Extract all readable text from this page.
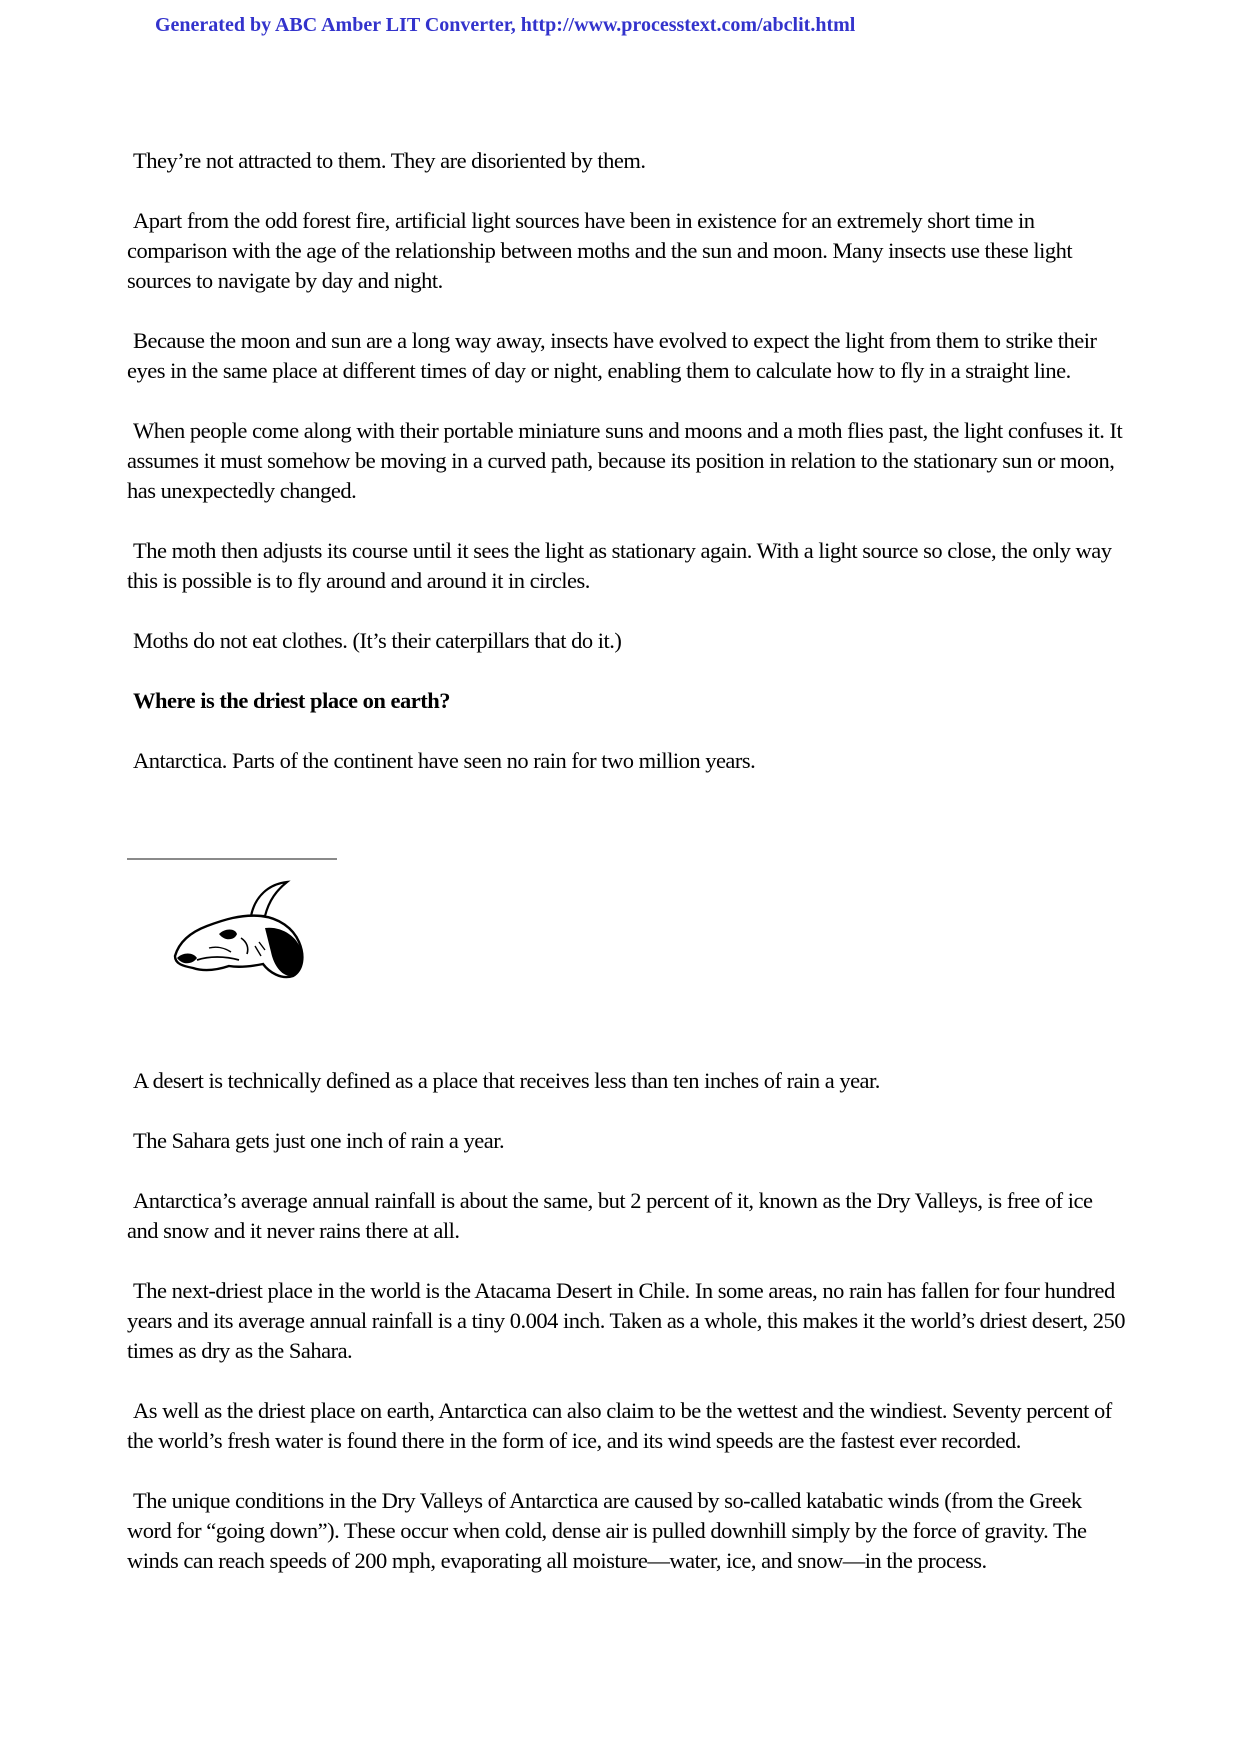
Generated by ABC Amber LIT Converter, http://www.processtext.com/abclit.html

They’re not attracted to them. They are disoriented by them.

Apart from the odd forest fire, artificial light sources have been in existence for an extremely short time in comparison with the age of the relationship between moths and the sun and moon. Many insects use these light sources to navigate by day and night.

Because the moon and sun are a long way away, insects have evolved to expect the light from them to strike their eyes in the same place at different times of day or night, enabling them to calculate how to fly in a straight line.

When people come along with their portable miniature suns and moons and a moth flies past, the light confuses it. It assumes it must somehow be moving in a curved path, because its position in relation to the stationary sun or moon, has unexpectedly changed.

The moth then adjusts its course until it sees the light as stationary again. With a light source so close, the only way this is possible is to fly around and around it in circles.

Moths do not eat clothes. (It’s their caterpillars that do it.)

Where is the driest place on earth?

Antarctica. Parts of the continent have seen no rain for two million years.

A desert is technically defined as a place that receives less than ten inches of rain a year.

The Sahara gets just one inch of rain a year.

Antarctica’s average annual rainfall is about the same, but 2 percent of it, known as the Dry Valleys, is free of ice and snow and it never rains there at all.

The next-driest place in the world is the Atacama Desert in Chile. In some areas, no rain has fallen for four hundred years and its average annual rainfall is a tiny 0.004 inch. Taken as a whole, this makes it the world’s driest desert, 250 times as dry as the Sahara.

As well as the driest place on earth, Antarctica can also claim to be the wettest and the windiest. Seventy percent of the world’s fresh water is found there in the form of ice, and its wind speeds are the fastest ever recorded.

The unique conditions in the Dry Valleys of Antarctica are caused by so-called katabatic winds (from the Greek word for “going down”). These occur when cold, dense air is pulled downhill simply by the force of gravity. The winds can reach speeds of 200 mph, evaporating all moisture—water, ice, and snow—in the process.
